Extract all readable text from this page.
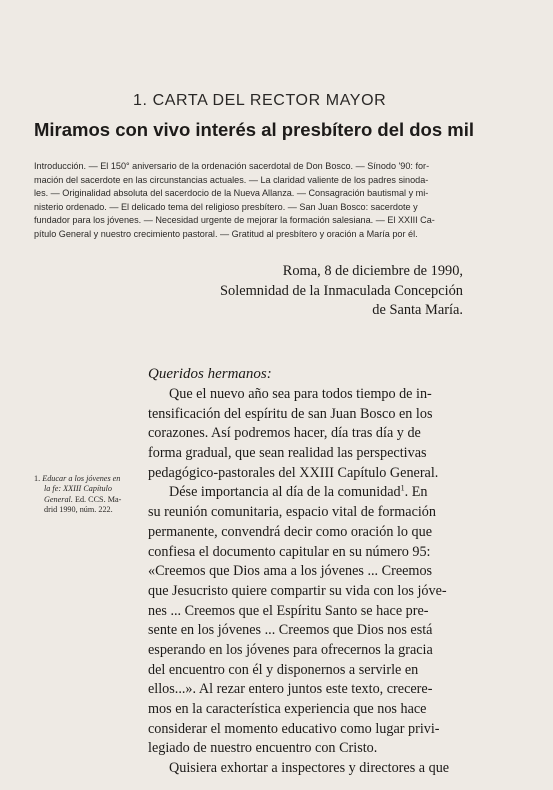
1. CARTA DEL RECTOR MAYOR
Miramos con vivo interés al presbítero del dos mil
Introducción. — El 150° aniversario de la ordenación sacerdotal de Don Bosco. — Sínodo '90: for-
mación del sacerdote en las circunstancias actuales. — La claridad valiente de los padres sinoda-
les. — Originalidad absoluta del sacerdocio de la Nueva Allanza. — Consagración bautismal y mi-
nisterio ordenado. — El delicado tema del religioso presbítero. — San Juan Bosco: sacerdote y
fundador para los jóvenes. — Necesidad urgente de mejorar la formación salesiana. — El XXIII Ca-
pítulo General y nuestro crecimiento pastoral. — Gratitud al presbítero y oración a María por él.
Roma, 8 de diciembre de 1990,
Solemnidad de la Inmaculada Concepción
de Santa María.
Queridos hermanos:
Que el nuevo año sea para todos tiempo de in-
tensificación del espíritu de san Juan Bosco en los
corazones. Así podremos hacer, día tras día y de
forma gradual, que sean realidad las perspectivas
pedagógico-pastorales del XXIII Capítulo General.
Dése importancia al día de la comunidad$^1$. En
su reunión comunitaria, espacio vital de formación
permanente, convendrá decir como oración lo que
confiesa el documento capitular en su número 95:
«Creemos que Dios ama a los jóvenes ... Creemos
que Jesucristo quiere compartir su vida con los jóve-
nes ... Creemos que el Espíritu Santo se hace pre-
sente en los jóvenes ... Creemos que Dios nos está
esperando en los jóvenes para ofrecernos la gracia
del encuentro con él y disponernos a servirle en
ellos...». Al rezar entero juntos este texto, crecere-
mos en la característica experiencia que nos hace
considerar el momento educativo como lugar privi-
legiado de nuestro encuentro con Cristo.
Quisiera exhortar a inspectores y directores a que
1. Educar a los jóvenes en
la fe: XXIII Capítulo
General. Ed. CCS. Ma-
drid 1990, núm. 222.
